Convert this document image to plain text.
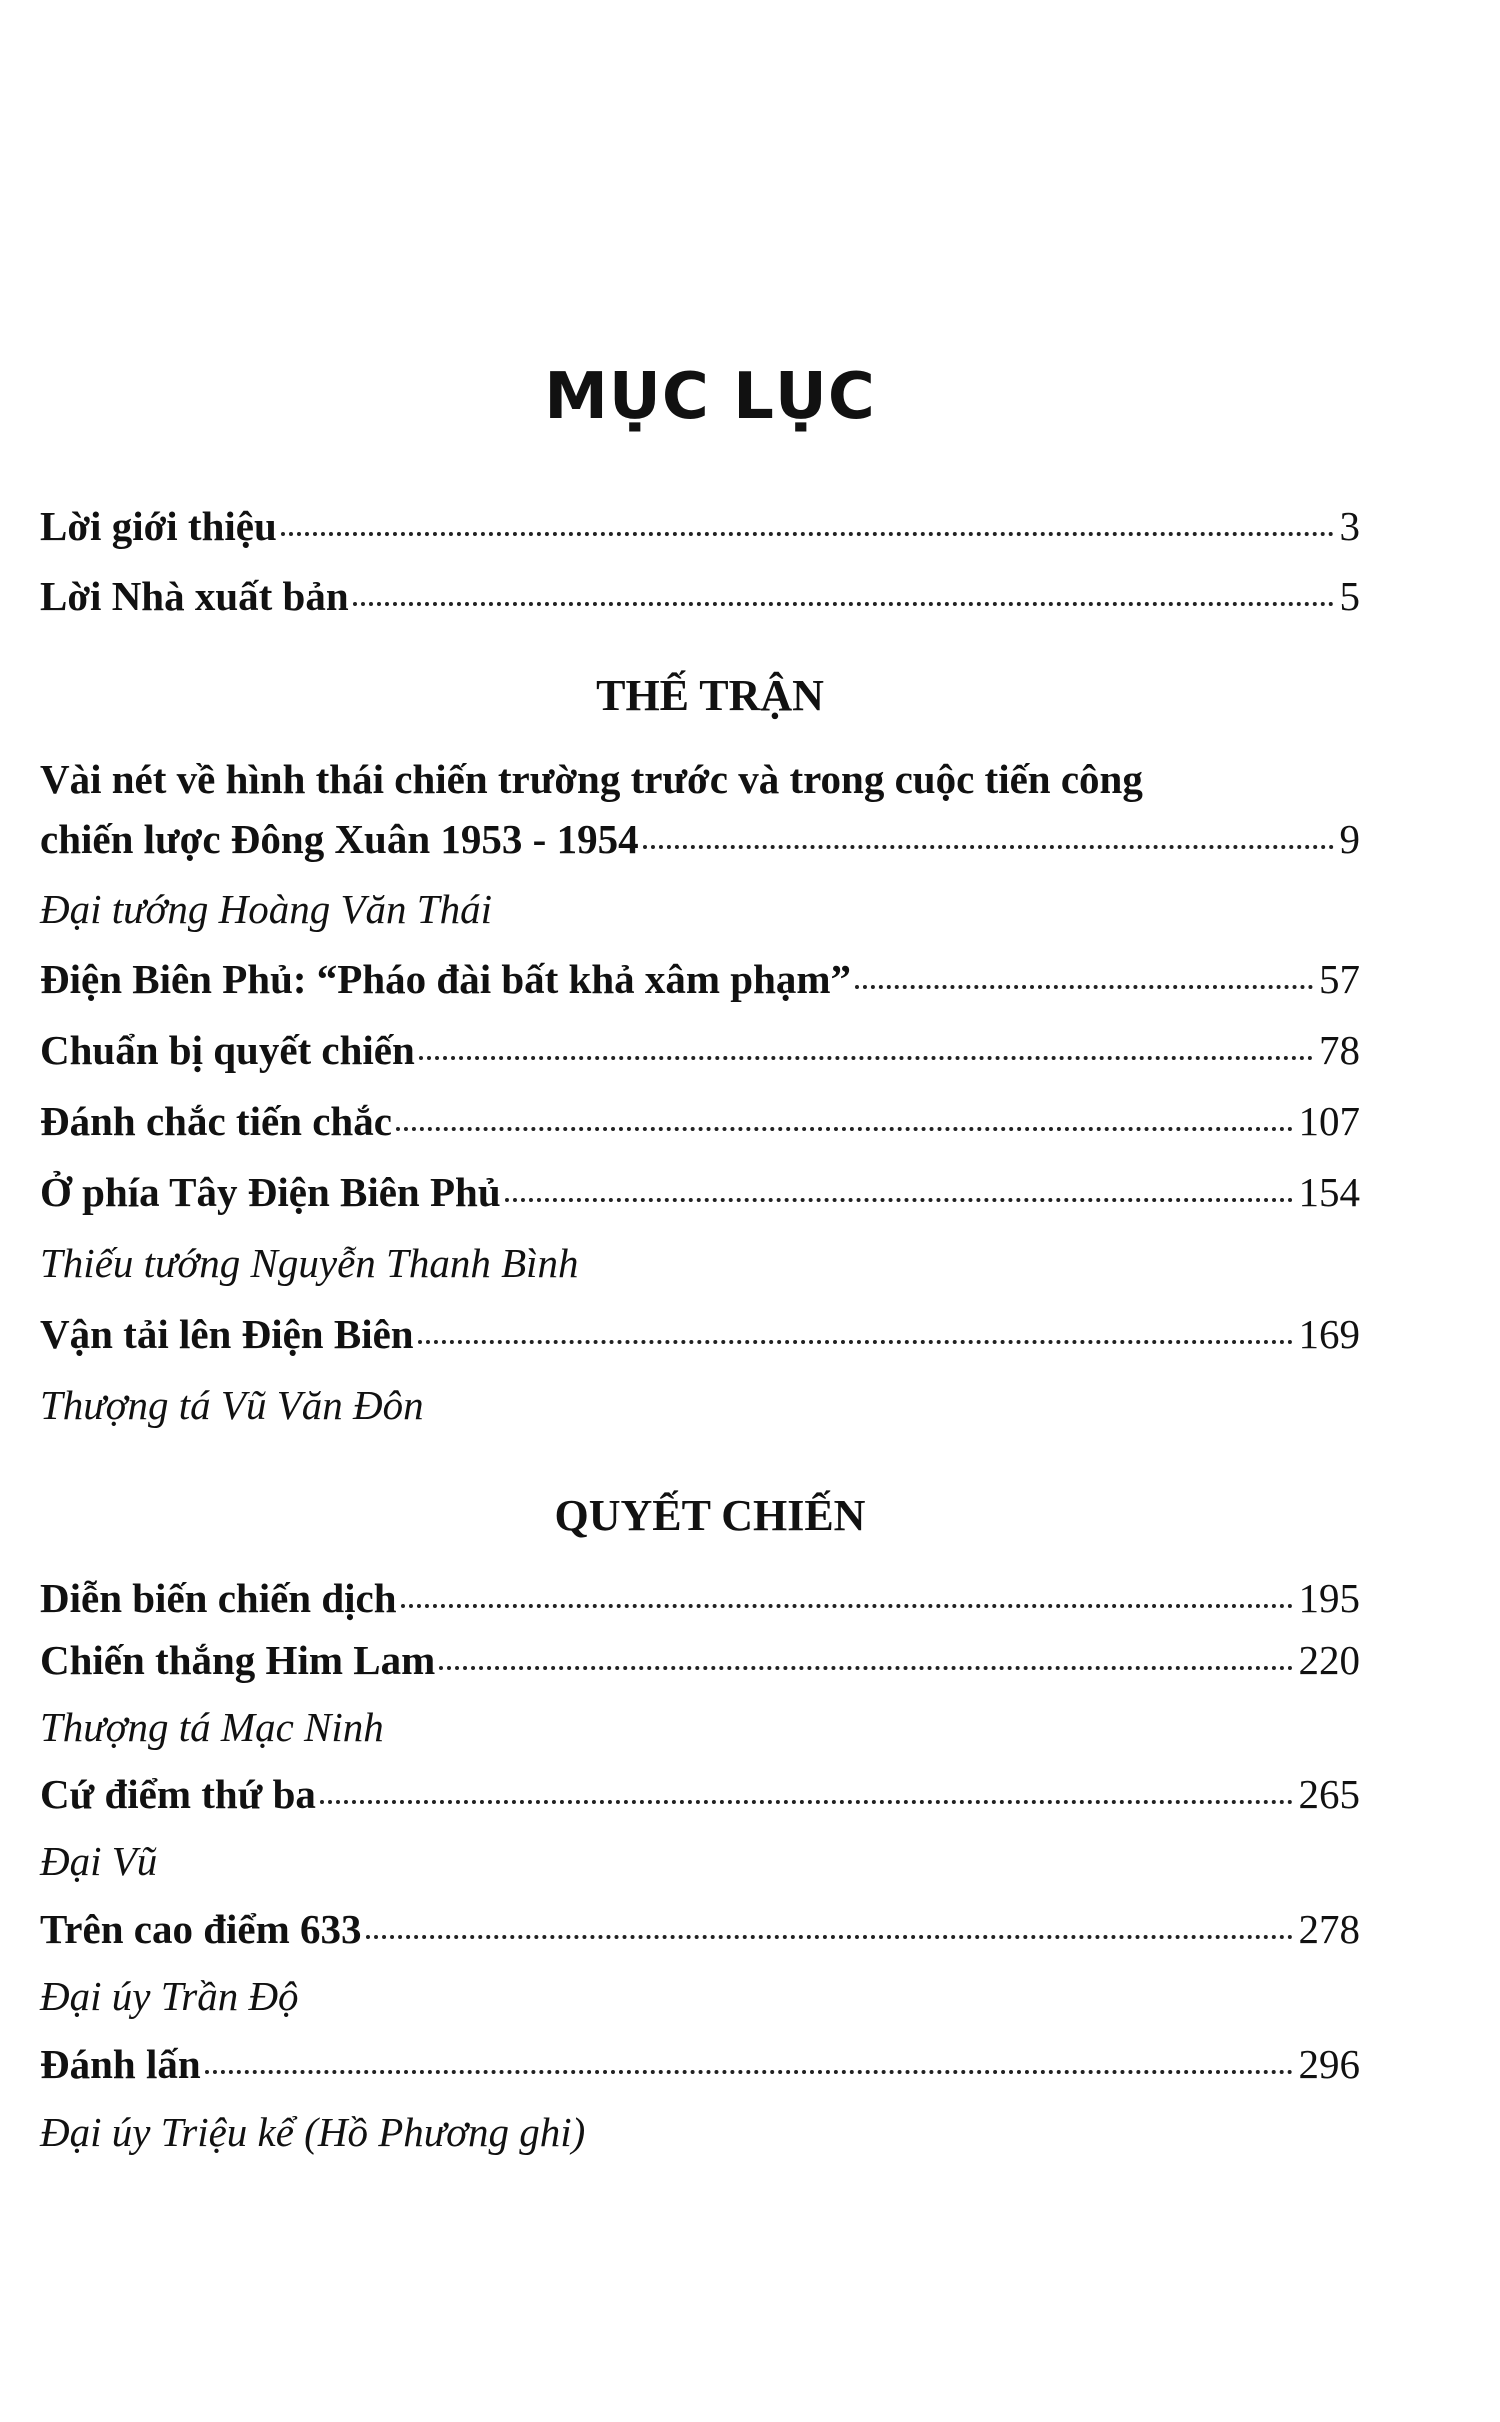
MỤC LỤC
Lời giới thiệu	3
Lời Nhà xuất bản	5
THẾ TRẬN
Vài nét về hình thái chiến trường trước và trong cuộc tiến công
chiến lược Đông Xuân 1953 - 1954	9
Đại tướng Hoàng Văn Thái
Điện Biên Phủ: “Pháo đài bất khả xâm phạm”	57
Chuẩn bị quyết chiến	78
Đánh chắc tiến chắc	107
Ở phía Tây Điện Biên Phủ	154
Thiếu tướng Nguyễn Thanh Bình
Vận tải lên Điện Biên	169
Thượng tá Vũ Văn Đôn
QUYẾT CHIẾN
Diễn biến chiến dịch	195
Chiến thắng Him Lam	220
Thượng tá Mạc Ninh
Cứ điểm thứ ba	265
Đại Vũ
Trên cao điểm 633	278
Đại úy Trần Độ
Đánh lấn	296
Đại úy Triệu kể (Hồ Phương ghi)
